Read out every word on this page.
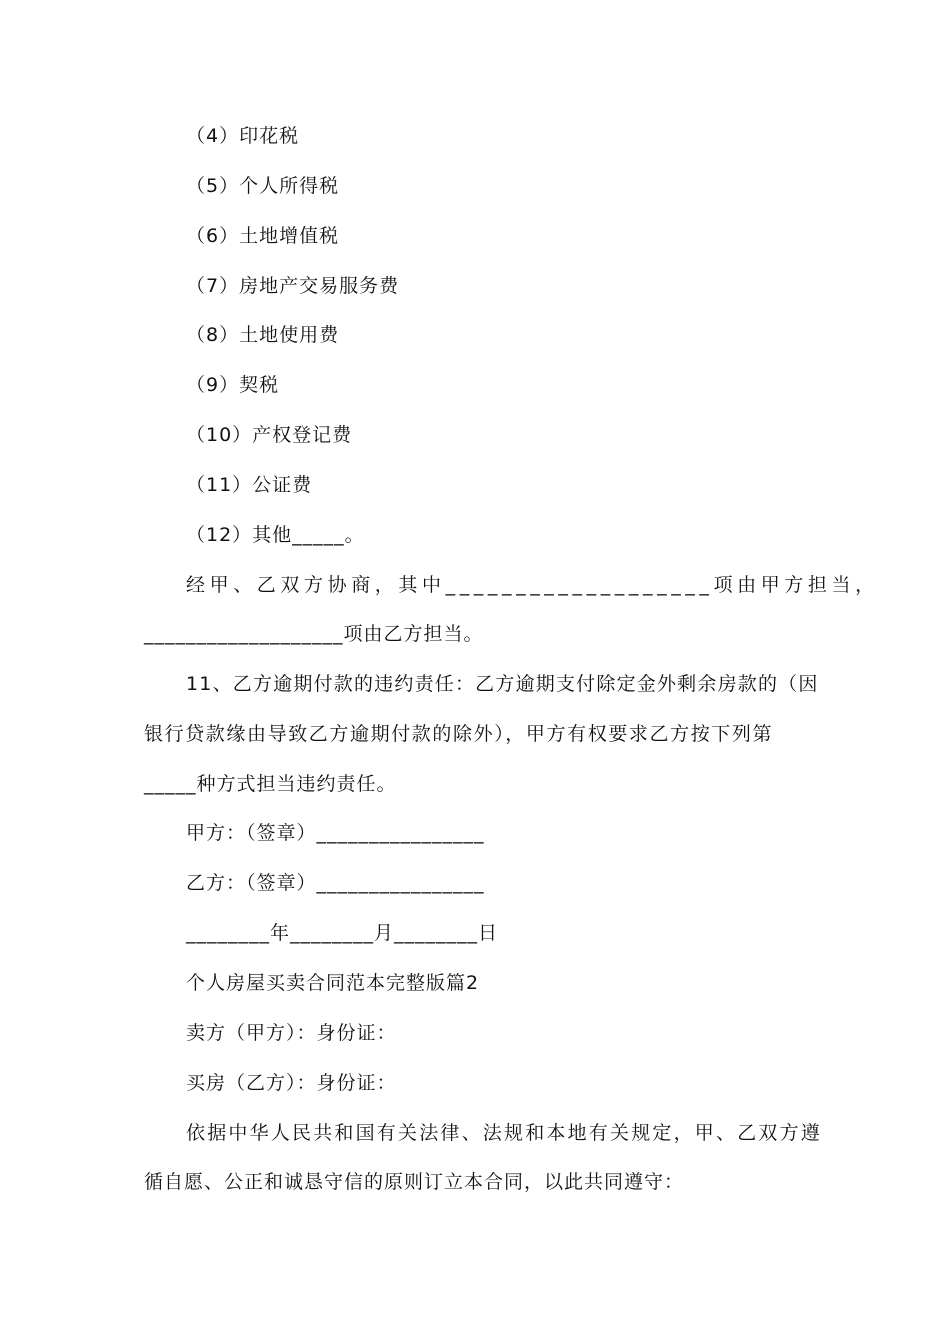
（4）印花税
（5）个人所得税
（6）土地增值税
（7）房地产交易服务费
（8）土地使用费
（9）契税
（10）产权登记费
（11）公证费
（12）其他_____。
经甲、乙双方协商，其中___________________项由甲方担当，
___________________项由乙方担当。
11、乙方逾期付款的违约责任：乙方逾期支付除定金外剩余房款的（因
银行贷款缘由导致乙方逾期付款的除外），甲方有权要求乙方按下列第
_____种方式担当违约责任。
甲方：（签章）________________
乙方：（签章）________________
________年________月________日
个人房屋买卖合同范本完整版篇2
卖方（甲方）：身份证：
买房（乙方）：身份证：
依据中华人民共和国有关法律、法规和本地有关规定，甲、乙双方遵
循自愿、公正和诚恳守信的原则订立本合同，以此共同遵守：
